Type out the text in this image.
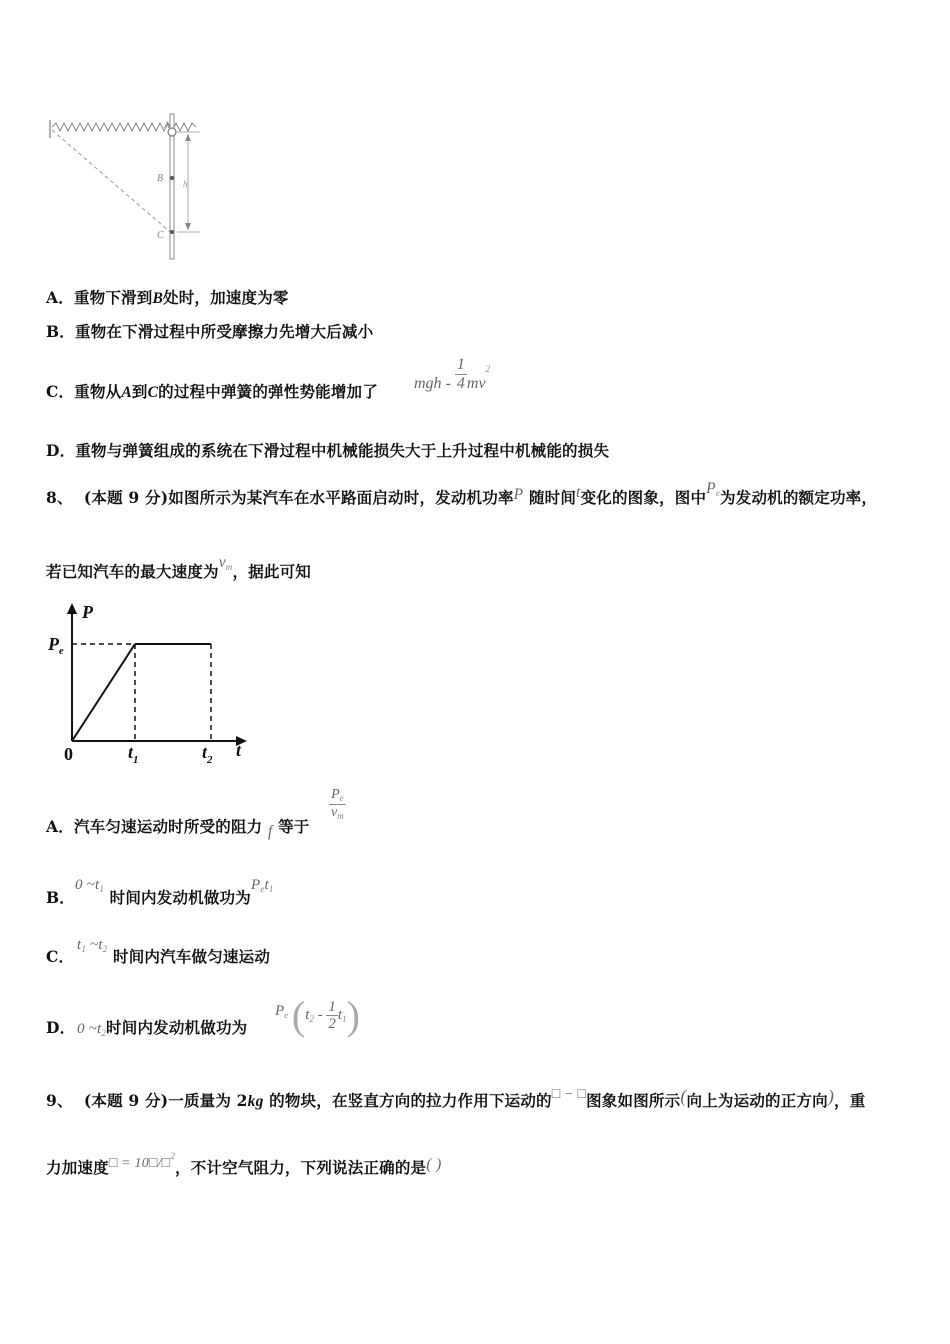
A
B
C
h
A．重物下滑到B处时，加速度为零
B．重物在下滑过程中所受摩擦力先增大后减小
C．重物从A到C的过程中弹簧的弹性势能增加了 mgh - $\frac{1}{4} mv^2$
D．重物与弹簧组成的系统在下滑过程中机械能损失大于上升过程中机械能的损失
8、 (本题 9 分)如图所示为某汽车在水平路面启动时，发动机功率P 随时间t变化的图象，图中$P_e$为发动机的额定功率，
若已知汽车的最大速度为$v_m$，据此可知
P
$P_e$
0	$t_1$	$t_2$ t
A．汽车匀速运动时所受的阻力 f 等于
$\frac{P_e}{v_m}$
B．
0 $\sim t_1$ 时间内发动机做功为$P_et_1$
C．
$t_1$ $\sim t_2$ 时间内汽车做匀速运动
D． 0 $\sim t_2$时间内发动机做功为
$P_e$ $(t_2 - \frac{1}{2} t_1)$
9、 (本题 9 分)一质量为 2kg 的物块，在竖直方向的拉力作用下运动的□ − □图象如图所示(向上为运动的正方向)，重
力加速度□ = 10□/□$^2$，不计空气阻力，下列说法正确的是( )
